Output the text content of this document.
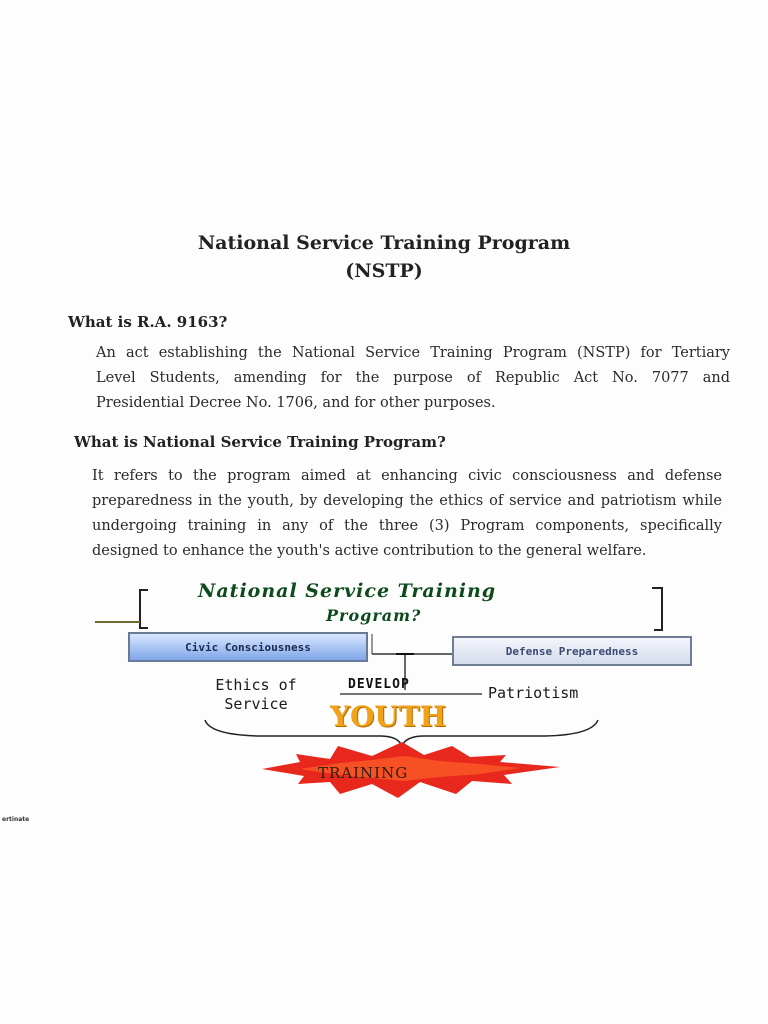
National Service Training Program
(NSTP)
What is R.A. 9163?
An act establishing the National Service Training Program (NSTP) for Tertiary
Level Students, amending for the purpose of Republic Act No. 7077 and
Presidential Decree No. 1706, and for other purposes.
What is National Service Training Program?
It refers to the program aimed at enhancing civic consciousness and defense
preparedness in the youth, by developing the ethics of service and patriotism while
undergoing training in any of the three (3) Program components, specifically
designed to enhance the youth's active contribution to the general welfare.
National Service Training
Program?
Civic Consciousness	Defense Preparedness
Ethics of
Service
DEVELOP	Patriotism
YOUTH
TRAINING
ertinate
